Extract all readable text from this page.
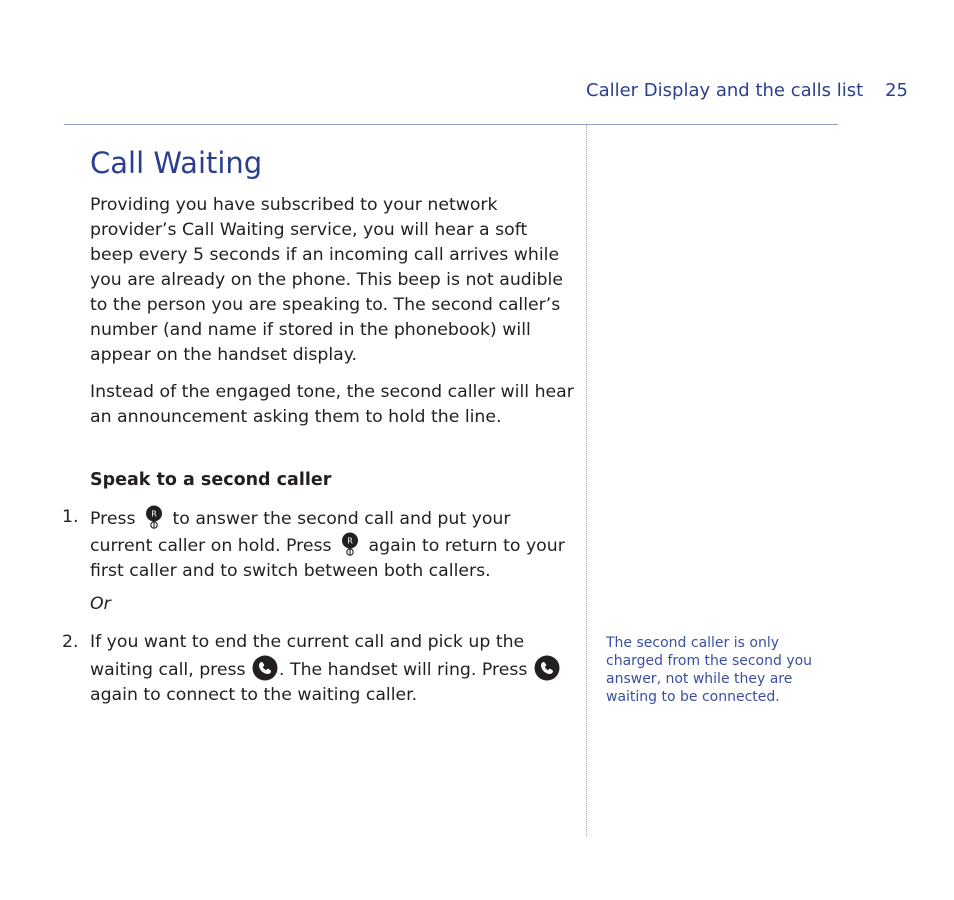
Caller Display and the calls list 25
Call Waiting

Providing you have subscribed to your network provider’s Call Waiting service, you will hear a soft beep every 5 seconds if an incoming call arrives while you are already on the phone. This beep is not audible to the person you are speaking to. The second caller’s number (and name if stored in the phonebook) will appear on the handset display.

Instead of the engaged tone, the second caller will hear an announcement asking them to hold the line.

Speak to a second caller
1. Press R to answer the second call and put your current caller on hold. Press R again to return to your first caller and to switch between both callers.
Or
2. If you want to end the current call and pick up the waiting call, press . The handset will ring. Press  again to connect to the waiting caller.
The second caller is only charged from the second you answer, not while they are waiting to be connected.
